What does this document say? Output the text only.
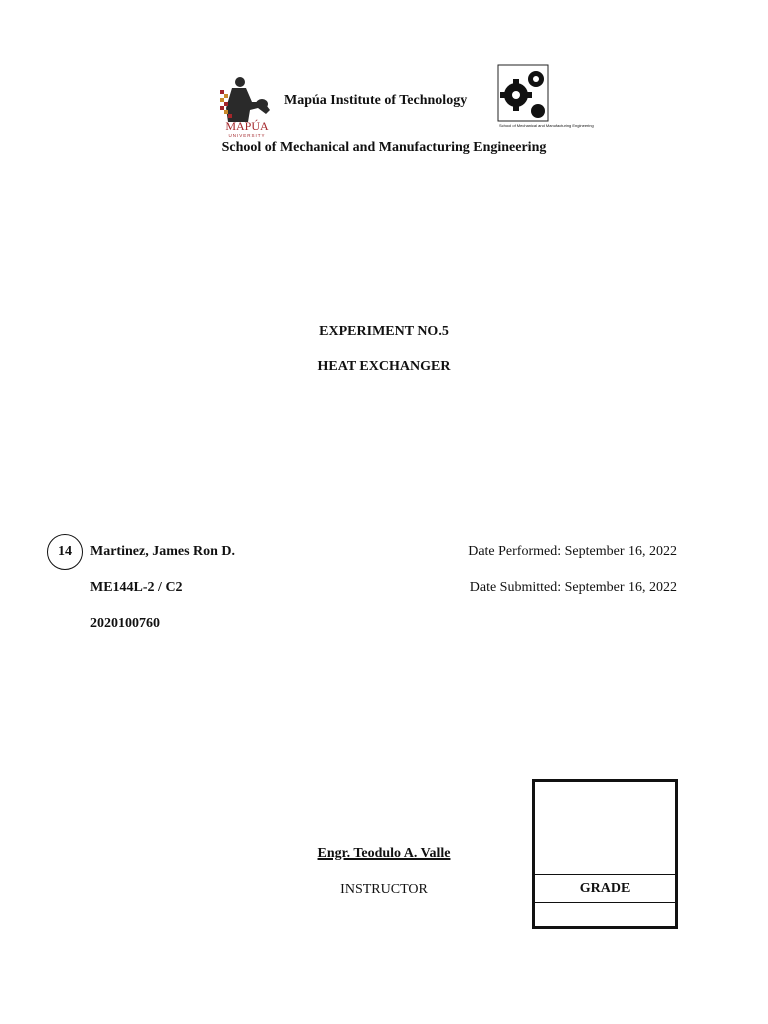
MAPÚA
UNIVERSITY
Mapúa Institute of Technology
School of Mechanical and Manufacturing Engineering
School of Mechanical and Manufacturing Engineering
EXPERIMENT NO.5
HEAT EXCHANGER
14 Martinez, James Ron D.
ME144L-2 / C2
2020100760
Date Performed: September 16, 2022
Date Submitted: September 16, 2022
Engr. Teodulo A. Valle
INSTRUCTOR	GRADE
